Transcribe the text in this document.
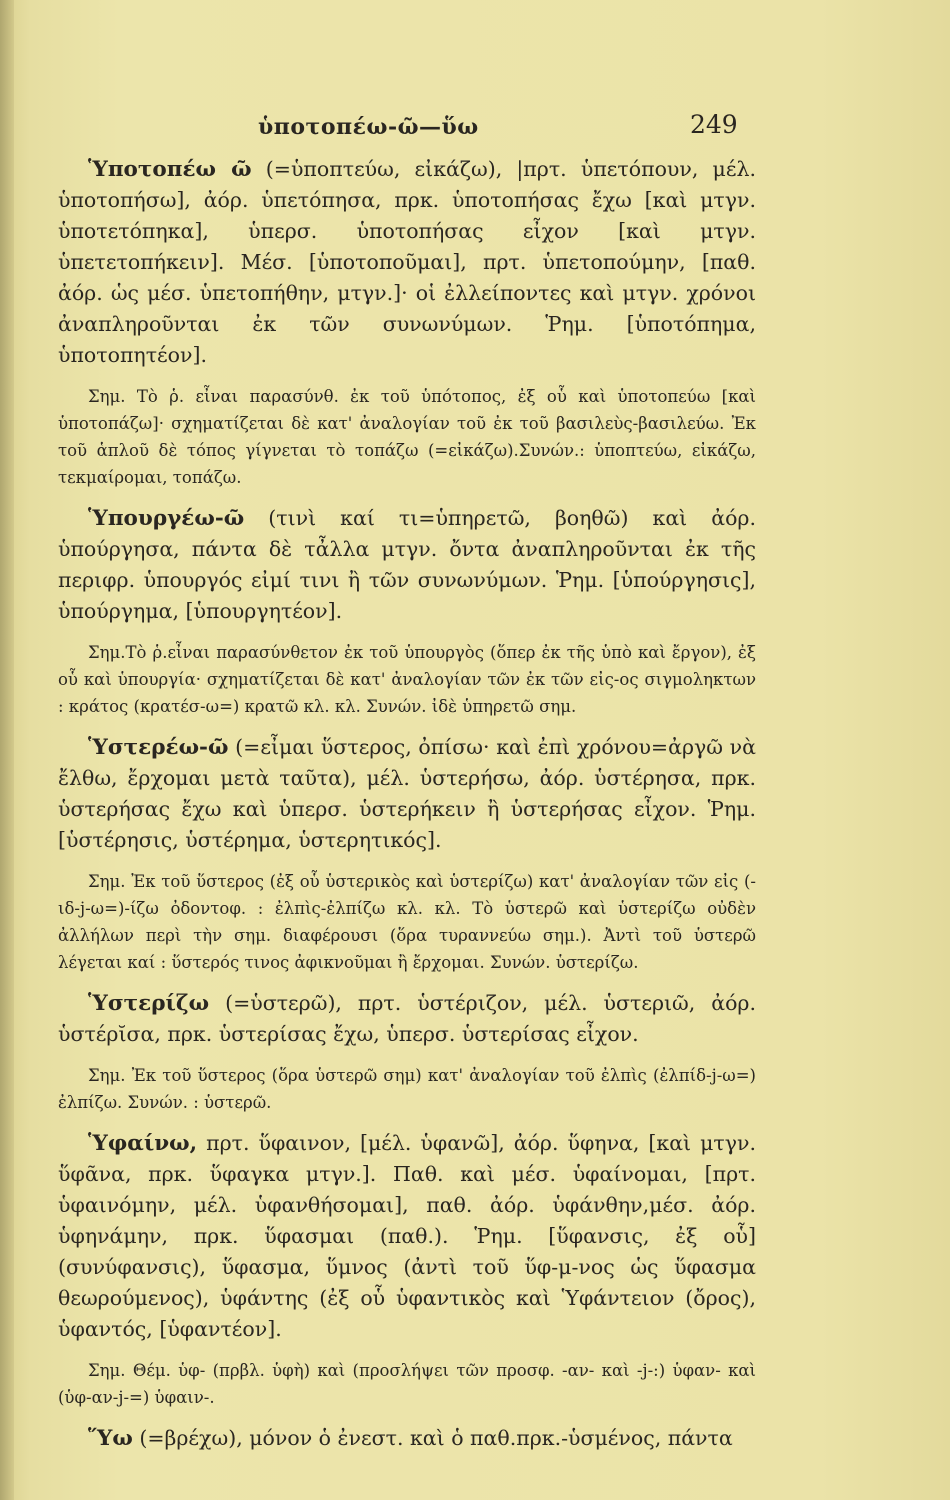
ὑποτοπέω-ῶ—ὕω	249

Ὑποτοπέω ῶ (=ὑποπτεύω, εἰκάζω), |πρτ. ὑπετόπουν, μέλ. ὑποτοπήσω], ἀόρ. ὑπετόπησα, πρκ. ὑποτοπήσας ἔχω [καὶ μτγν. ὑποτετόπηκα], ὑπερσ. ὑποτοπήσας εἶχον [καὶ μτγν. ὑπετετοπήκειν]. Μέσ. [ὑποτοποῦμαι], πρτ. ὑπετοπούμην, [παθ. ἀόρ. ὡς μέσ. ὑπετοπήθην, μτγν.]· οἱ ἐλλείποντες καὶ μτγν. χρόνοι ἀναπληροῦνται ἐκ τῶν συνωνύμων. Ῥημ. [ὑποτόπημα, ὑποτοπητέον].

Σημ. Τὸ ῥ. εἶναι παρασύνθ. ἐκ τοῦ ὑπότοπος, ἐξ οὗ καὶ ὑποτοπεύω [καὶ ὑποτοπάζω]· σχηματίζεται δὲ κατ' ἀναλογίαν τοῦ ἐκ τοῦ βασιλεὺς-βασιλεύω. Ἐκ τοῦ ἁπλοῦ δὲ τόπος γίγνεται τὸ τοπάζω (=εἰκάζω).Συνών.: ὑποπτεύω, εἰκάζω, τεκμαίρομαι, τοπάζω.

Ὑπουργέω-ῶ (τινὶ καί τι=ὑπηρετῶ, βοηθῶ) καὶ ἀόρ. ὑπούργησα, πάντα δὲ τἆλλα μτγν. ὄντα ἀναπληροῦνται ἐκ τῆς περιφρ. ὑπουργός εἰμί τινι ἢ τῶν συνωνύμων. Ῥημ. [ὑπούργησις], ὑπούργημα, [ὑπουργητέον].

Σημ.Τὸ ῥ.εἶναι παρασύνθετον ἐκ τοῦ ὑπουργὸς (ὅπερ ἐκ τῆς ὑπὸ καὶ ἔργον), ἐξ οὗ καὶ ὑπουργία· σχηματίζεται δὲ κατ' ἀναλογίαν τῶν ἐκ τῶν εἰς-ος σιγμοληκτων : κράτος (κρατέσ-ω=) κρατῶ κλ. κλ. Συνών. ἰδὲ ὑπηρετῶ σημ.

Ὑστερέω-ῶ (=εἶμαι ὕστερος, ὀπίσω· καὶ ἐπὶ χρόνου=ἀργῶ νὰ ἔλθω, ἔρχομαι μετὰ ταῦτα), μέλ. ὑστερήσω, ἀόρ. ὑστέρησα, πρκ. ὑστερήσας ἔχω καὶ ὑπερσ. ὑστερήκειν ἢ ὑστερήσας εἶχον. Ῥημ. [ὑστέρησις, ὑστέρημα, ὑστερητικός].

Σημ. Ἐκ τοῦ ὕστερος (ἐξ οὗ ὑστερικὸς καὶ ὑστερίζω) κατ' ἀναλογίαν τῶν εἰς (-ιδ-j-ω=)-ίζω ὀδοντοφ. : ἐλπὶς-ἐλπίζω κλ. κλ. Τὸ ὑστερῶ καὶ ὑστερίζω οὐδὲν ἀλλήλων περὶ τὴν σημ. διαφέρουσι (ὅρα τυραννεύω σημ.). Ἀντὶ τοῦ ὑστερῶ λέγεται καί : ὕστερός τινος ἀφικνοῦμαι ἢ ἔρχομαι. Συνών. ὑστερίζω.

Ὑστερίζω (=ὑστερῶ), πρτ. ὑστέριζον, μέλ. ὑστεριῶ, ἀόρ. ὑστέρῐσα, πρκ. ὑστερίσας ἔχω, ὑπερσ. ὑστερίσας εἶχον.

Σημ. Ἐκ τοῦ ὕστερος (ὅρα ὑστερῶ σημ) κατ' ἀναλογίαν τοῦ ἐλπὶς (ἐλπίδ-j-ω=) ἐλπίζω. Συνών. : ὑστερῶ.

Ὑφαίνω, πρτ. ὕφαινον, [μέλ. ὑφανῶ], ἀόρ. ὕφηνα, [καὶ μτγν. ὕφᾶνα, πρκ. ὕφαγκα μτγν.]. Παθ. καὶ μέσ. ὑφαίνομαι, [πρτ. ὑφαινόμην, μέλ. ὑφανθήσομαι], παθ. ἀόρ. ὑφάνθην,μέσ. ἀόρ. ὑφηνάμην, πρκ. ὕφασμαι (παθ.). Ῥημ. [ὕφανσις, ἐξ οὗ] (συνύφανσις), ὕφασμα, ὕμνος (ἀντὶ τοῦ ὕφ-μ-νος ὡς ὕφασμα θεωρούμενος), ὑφάντης (ἐξ οὗ ὑφαντικὸς καὶ Ὑφάντειον (ὄρος), ὑφαντός, [ὑφαντέον].

Σημ. Θέμ. ὑφ- (πρβλ. ὑφὴ) καὶ (προσλήψει τῶν προσφ. -αν- καὶ -j-:) ὑφαν- καὶ (ὑφ-αν-j-=) ὑφαιν-.

Ὕω (=βρέχω), μόνον ὁ ἐνεστ. καὶ ὁ παθ.πρκ.-ὑσμένος, πάντα
